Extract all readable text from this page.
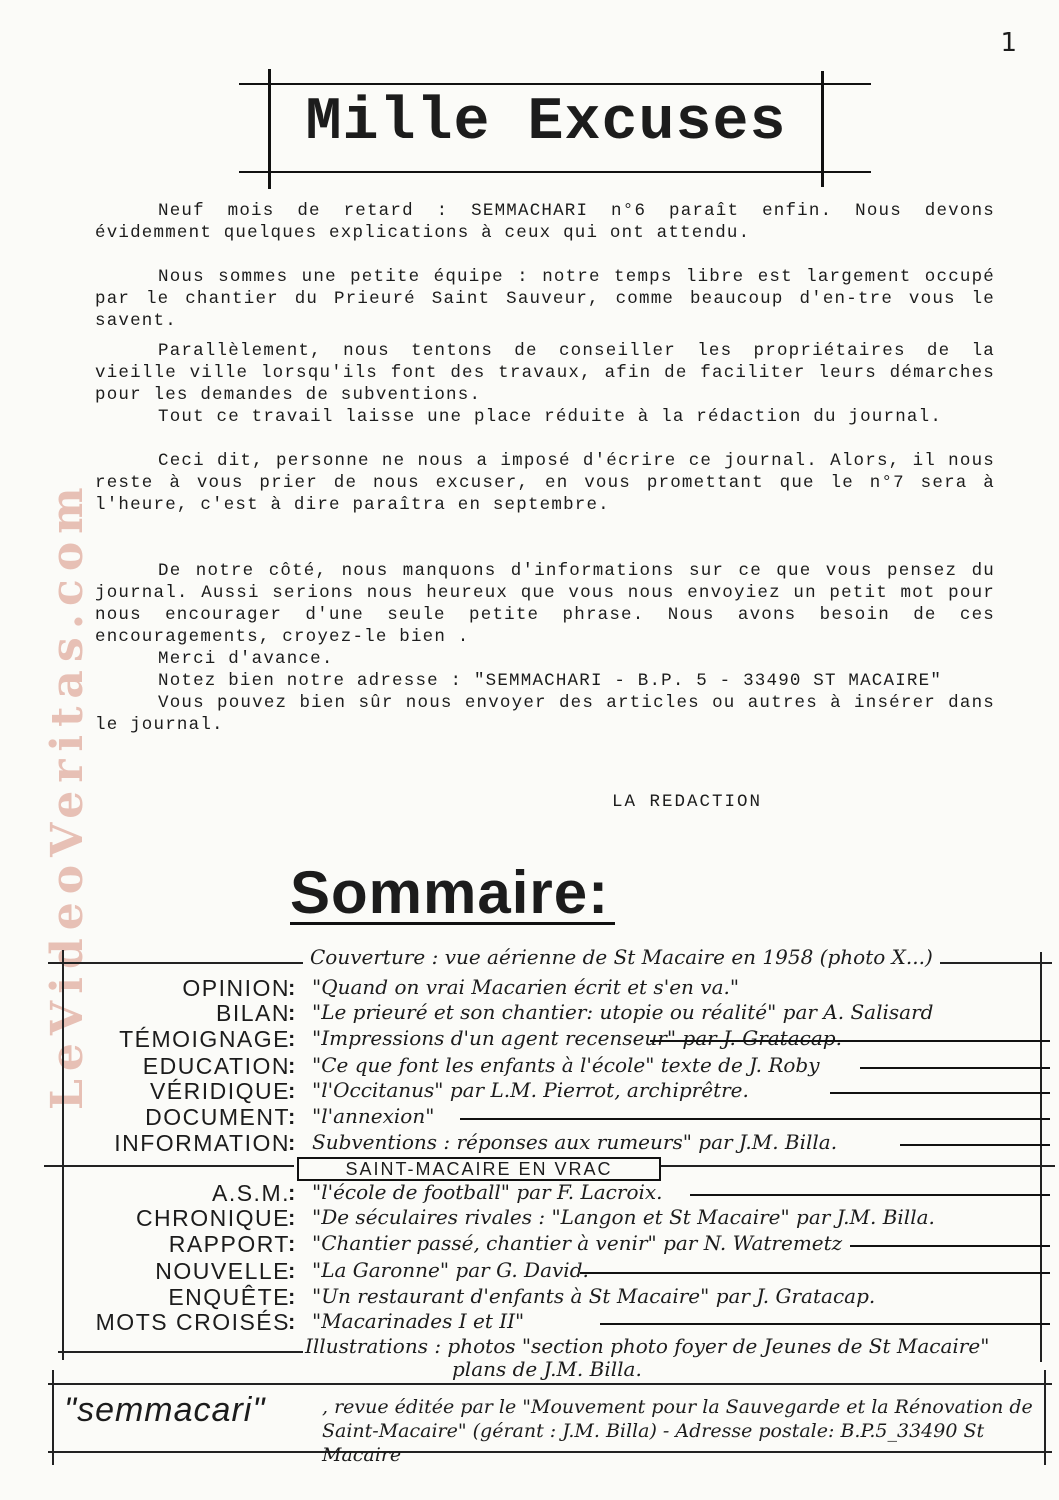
1
LeVideoVeritas.com
Mille Excuses

Neuf mois de retard : SEMMACHARI n°6 paraît enfin. Nous devons évidemment quelques explications à ceux qui ont attendu.

Nous sommes une petite équipe : notre temps libre est largement occupé par le chantier du Prieuré Saint Sauveur, comme beaucoup d'en-tre vous le savent.

Parallèlement, nous tentons de conseiller les propriétaires de la vieille ville lorsqu'ils font des travaux, afin de faciliter leurs démarches pour les demandes de subventions.

Tout ce travail laisse une place réduite à la rédaction du journal.

Ceci dit, personne ne nous a imposé d'écrire ce journal. Alors, il nous reste à vous prier de nous excuser, en vous promettant que le n°7 sera à l'heure, c'est à dire paraîtra en septembre.

De notre côté, nous manquons d'informations sur ce que vous pensez du journal. Aussi serions nous heureux que vous nous envoyiez un petit mot pour nous encourager d'une seule petite phrase. Nous avons besoin de ces encouragements, croyez-le bien .

Merci d'avance.

Notez bien notre adresse : "SEMMACHARI - B.P. 5 - 33490 ST MACAIRE"

Vous pouvez bien sûr nous envoyer des articles ou autres à insérer dans le journal.

LA REDACTION
Sommaire:
Couverture : vue aérienne de St Macaire en 1958 (photo X...)
OPINION
: "Quand on vrai Macarien écrit et s'en va."
BILAN
: "Le prieuré et son chantier: utopie ou réalité" par A. Salisard
TÉMOIGNAGE
: "Impressions d'un agent recenseur" par J. Gratacap.
EDUCATION
: "Ce que font les enfants à l'école" texte de J. Roby
VÉRIDIQUE
: "l'Occitanus" par L.M. Pierrot, archiprêtre.
DOCUMENT
: "l'annexion"
INFORMATION
: Subventions : réponses aux rumeurs" par J.M. Billa.
SAINT-MACAIRE EN VRAC
A.S.M.
: "l'école de football" par F. Lacroix.
CHRONIQUE
: "De séculaires rivales : "Langon et St Macaire" par J.M. Billa.
RAPPORT
: "Chantier passé, chantier à venir" par N. Watremetz
NOUVELLE
: "La Garonne" par G. David.
ENQUÊTE
: "Un restaurant d'enfants à St Macaire" par J. Gratacap.
MOTS CROISÉS
: "Macarinades I et II"
Illustrations : photos "section photo foyer de Jeunes de St Macaire"
plans de J.M. Billa.
"semmacari"	, revue éditée par le "Mouvement pour la Sauvegarde et la Rénovation de Saint-Macaire" (gérant : J.M. Billa) - Adresse postale: B.P.5_33490 St Macaire
